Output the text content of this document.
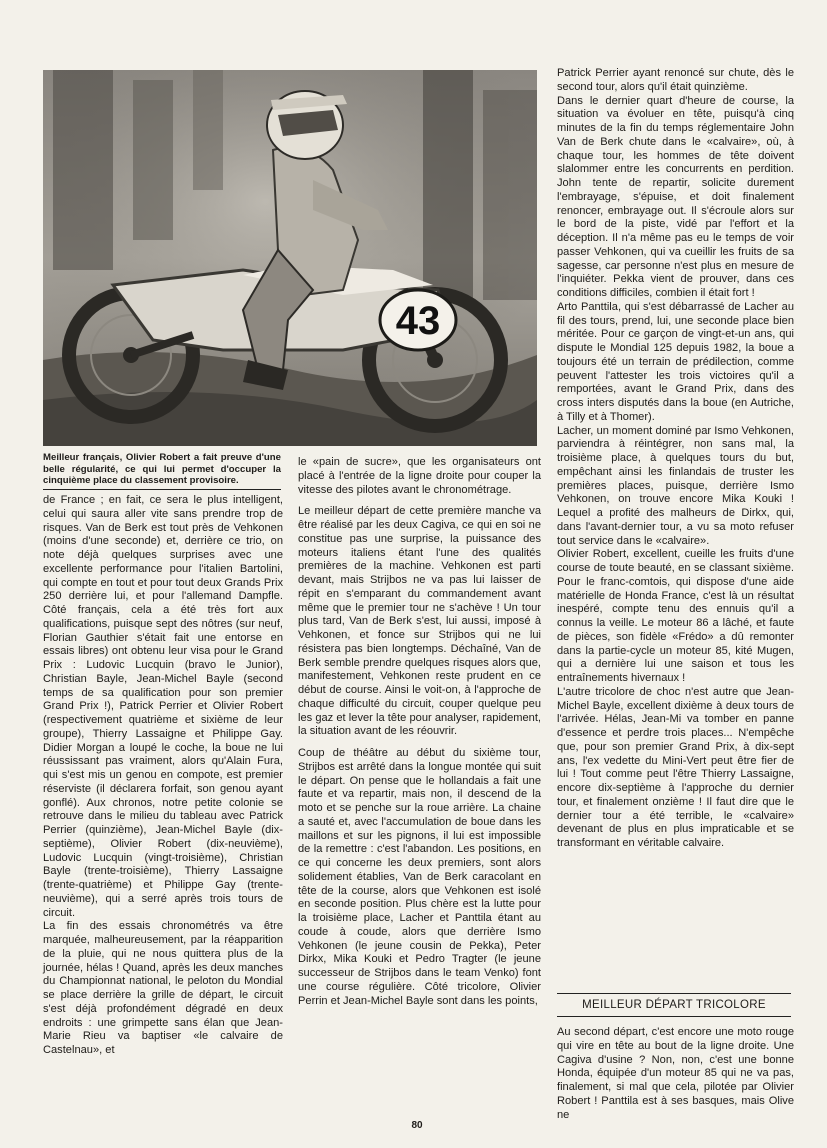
43
Meilleur français, Olivier Robert a fait preuve d'une belle régularité, ce qui lui permet d'occuper la cinquième place du classement provisoire.

de France ; en fait, ce sera le plus intelligent, celui qui saura aller vite sans prendre trop de risques. Van de Berk est tout près de Vehkonen (moins d'une seconde) et, derrière ce trio, on note déjà quelques surprises avec une excellente performance pour l'italien Bartolini, qui compte en tout et pour tout deux Grands Prix 250 derrière lui, et pour l'allemand Dampfle. Côté français, cela a été très fort aux qualifications, puisque sept des nôtres (sur neuf, Florian Gauthier s'était fait une entorse en essais libres) ont obtenu leur visa pour le Grand Prix : Ludovic Lucquin (bravo le Junior), Christian Bayle, Jean-Michel Bayle (second temps de sa qualification pour son premier Grand Prix !), Patrick Perrier et Olivier Robert (respectivement quatrième et sixième de leur groupe), Thierry Lassaigne et Philippe Gay. Didier Morgan a loupé le coche, la boue ne lui réussissant pas vraiment, alors qu'Alain Fura, qui s'est mis un genou en compote, est premier réserviste (il déclarera forfait, son genou ayant gonflé). Aux chronos, notre petite colonie se retrouve dans le milieu du tableau avec Patrick Perrier (quinzième), Jean-Michel Bayle (dix-septième), Olivier Robert (dix-neuvième), Ludovic Lucquin (vingt-troisième), Christian Bayle (trente-troisième), Thierry Lassaigne (trente-quatrième) et Philippe Gay (trente-neuvième), qui a serré après trois tours de circuit.

La fin des essais chronométrés va être marquée, malheureusement, par la réapparition de la pluie, qui ne nous quittera plus de la journée, hélas ! Quand, après les deux manches du Championnat national, le peloton du Mondial se place derrière la grille de départ, le circuit s'est déjà profondément dégradé en deux endroits : une grimpette sans élan que Jean-Marie Rieu va baptiser «le calvaire de Castelnau», et

le «pain de sucre», que les organisateurs ont placé à l'entrée de la ligne droite pour couper la vitesse des pilotes avant le chronométrage.

Le meilleur départ de cette première manche va être réalisé par les deux Cagiva, ce qui en soi ne constitue pas une surprise, la puissance des moteurs italiens étant l'une des qualités premières de la machine. Vehkonen est parti devant, mais Strijbos ne va pas lui laisser de répit en s'emparant du commandement avant même que le premier tour ne s'achève ! Un tour plus tard, Van de Berk s'est, lui aussi, imposé à Vehkonen, et fonce sur Strijbos qui ne lui résistera pas bien longtemps. Déchaîné, Van de Berk semble prendre quelques risques alors que, manifestement, Vehkonen reste prudent en ce début de course. Ainsi le voit-on, à l'approche de chaque difficulté du circuit, couper quelque peu les gaz et lever la tête pour analyser, rapidement, la situation avant de les réouvrir.

Coup de théâtre au début du sixième tour, Strijbos est arrêté dans la longue montée qui suit le départ. On pense que le hollandais a fait une faute et va repartir, mais non, il descend de la moto et se penche sur la roue arrière. La chaine a sauté et, avec l'accumulation de boue dans les maillons et sur les pignons, il lui est impossible de la remettre : c'est l'abandon. Les positions, en ce qui concerne les deux premiers, sont alors solidement établies, Van de Berk caracolant en tête de la course, alors que Vehkonen est isolé en seconde position. Plus chère est la lutte pour la troisième place, Lacher et Panttila étant au coude à coude, alors que derrière Ismo Vehkonen (le jeune cousin de Pekka), Peter Dirkx, Mika Kouki et Pedro Tragter (le jeune successeur de Strijbos dans le team Venko) font une course régulière. Côté tricolore, Olivier Perrin et Jean-Michel Bayle sont dans les points,

Patrick Perrier ayant renoncé sur chute, dès le second tour, alors qu'il était quinzième.

Dans le dernier quart d'heure de course, la situation va évoluer en tête, puisqu'à cinq minutes de la fin du temps réglementaire John Van de Berk chute dans le «calvaire», où, à chaque tour, les hommes de tête doivent slalommer entre les concurrents en perdition. John tente de repartir, solicite durement l'embrayage, s'épuise, et doit finalement renoncer, embrayage out. Il s'écroule alors sur le bord de la piste, vidé par l'effort et la déception. Il n'a même pas eu le temps de voir passer Vehkonen, qui va cueillir les fruits de sa sagesse, car personne n'est plus en mesure de l'inquiéter. Pekka vient de prouver, dans ces conditions difficiles, combien il était fort !

Arto Panttila, qui s'est débarrassé de Lacher au fil des tours, prend, lui, une seconde place bien méritée. Pour ce garçon de vingt-et-un ans, qui dispute le Mondial 125 depuis 1982, la boue a toujours été un terrain de prédilection, comme peuvent l'attester les trois victoires qu'il a remportées, avant le Grand Prix, dans des cross inters disputés dans la boue (en Autriche, à Tilly et à Thomer).

Lacher, un moment dominé par Ismo Vehkonen, parviendra à réintégrer, non sans mal, la troisième place, à quelques tours du but, empêchant ainsi les finlandais de truster les premières places, puisque, derrière Ismo Vehkonen, on trouve encore Mika Kouki ! Lequel a profité des malheurs de Dirkx, qui, dans l'avant-dernier tour, a vu sa moto refuser tout service dans le «calvaire».

Olivier Robert, excellent, cueille les fruits d'une course de toute beauté, en se classant sixième. Pour le franc-comtois, qui dispose d'une aide matérielle de Honda France, c'est là un résultat inespéré, compte tenu des ennuis qu'il a connus la veille. Le moteur 86 a lâché, et faute de pièces, son fidèle «Frédo» a dû remonter dans la partie-cycle un moteur 85, kité Mugen, qui a dernière lui une saison et tous les entraînements hivernaux !

L'autre tricolore de choc n'est autre que Jean-Michel Bayle, excellent dixième à deux tours de l'arrivée. Hélas, Jean-Mi va tomber en panne d'essence et perdre trois places... N'empêche que, pour son premier Grand Prix, à dix-sept ans, l'ex vedette du Mini-Vert peut être fier de lui ! Tout comme peut l'être Thierry Lassaigne, encore dix-septième à l'approche du dernier tour, et finalement onzième ! Il faut dire que le dernier tour a été terrible, le «calvaire» devenant de plus en plus impraticable et se transformant en véritable calvaire.

MEILLEUR DÉPART TRICOLORE

Au second départ, c'est encore une moto rouge qui vire en tête au bout de la ligne droite. Une Cagiva d'usine ? Non, non, c'est une bonne Honda, équipée d'un moteur 85 qui ne va pas, finalement, si mal que cela, pilotée par Olivier Robert ! Panttila est à ses basques, mais Olive ne

80
